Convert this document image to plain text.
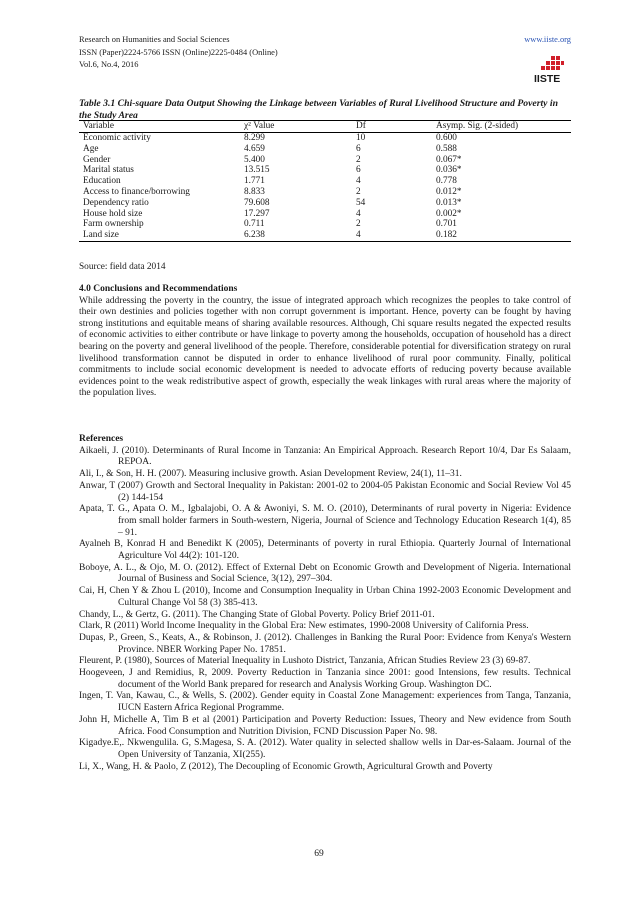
Research on Humanities and Social Sciences
ISSN (Paper)2224-5766 ISSN (Online)2225-0484 (Online)
Vol.6, No.4, 2016
www.iiste.org
IISTE
Table 3.1 Chi-square Data Output Showing the Linkage between Variables of Rural Livelihood Structure and Poverty in the Study Area
Variable	χ² Value	Df	Asymp. Sig. (2-sided)
Economic activity	8.299	10	0.600
Age	4.659	6	0.588
Gender	5.400	2	0.067*
Marital status	13.515	6	0.036*
Education	1.771	4	0.778
Access to finance/borrowing	8.833	2	0.012*
Dependency ratio	79.608	54	0.013*
House hold size	17.297	4	0.002*
Farm ownership	0.711	2	0.701
Land size	6.238	4	0.182
Source: field data 2014
4.0 Conclusions and Recommendations

While addressing the poverty in the country, the issue of integrated approach which recognizes the peoples to take control of their own destinies and policies together with non corrupt government is important. Hence, poverty can be fought by having strong institutions and equitable means of sharing available resources. Although, Chi square results negated the expected results of economic activities to either contribute or have linkage to poverty among the households, occupation of household has a direct bearing on the poverty and general livelihood of the people. Therefore, considerable potential for diversification strategy on rural livelihood transformation cannot be disputed in order to enhance livelihood of rural poor community. Finally, political commitments to include social economic development is needed to advocate efforts of reducing poverty because available evidences point to the weak redistributive aspect of growth, especially the weak linkages with rural areas where the majority of the population lives.

References

Aikaeli, J. (2010). Determinants of Rural Income in Tanzania: An Empirical Approach. Research Report 10/4, Dar Es Salaam, REPOA.

Ali, I., & Son, H. H. (2007). Measuring inclusive growth. Asian Development Review, 24(1), 11–31.

Anwar, T (2007) Growth and Sectoral Inequality in Pakistan: 2001-02 to 2004-05 Pakistan Economic and Social Review Vol 45 (2) 144-154

Apata, T. G., Apata O. M., Igbalajobi, O. A & Awoniyi, S. M. O. (2010), Determinants of rural poverty in Nigeria: Evidence from small holder farmers in South-western, Nigeria, Journal of Science and Technology Education Research 1(4), 85 – 91.

Ayalneh B, Konrad H and Benedikt K (2005), Determinants of poverty in rural Ethiopia. Quarterly Journal of International Agriculture Vol 44(2): 101-120.

Boboye, A. L., & Ojo, M. O. (2012). Effect of External Debt on Economic Growth and Development of Nigeria. International Journal of Business and Social Science, 3(12), 297–304.

Cai, H, Chen Y & Zhou L (2010), Income and Consumption Inequality in Urban China 1992-2003 Economic Development and Cultural Change Vol 58 (3) 385-413.

Chandy, L., & Gertz, G. (2011). The Changing State of Global Poverty. Policy Brief 2011-01.

Clark, R (2011) World Income Inequality in the Global Era: New estimates, 1990-2008 University of California Press.

Dupas, P., Green, S., Keats, A., & Robinson, J. (2012). Challenges in Banking the Rural Poor: Evidence from Kenya's Western Province. NBER Working Paper No. 17851.

Fleurent, P. (1980), Sources of Material Inequality in Lushoto District, Tanzania, African Studies Review 23 (3) 69-87.

Hoogeveen, J and Remidius, R, 2009. Poverty Reduction in Tanzania since 2001: good Intensions, few results. Technical document of the World Bank prepared for research and Analysis Working Group. Washington DC.

Ingen, T. Van, Kawau, C., & Wells, S. (2002). Gender equity in Coastal Zone Management: experiences from Tanga, Tanzania, IUCN Eastern Africa Regional Programme.

John H, Michelle A, Tim B et al (2001) Participation and Poverty Reduction: Issues, Theory and New evidence from South Africa. Food Consumption and Nutrition Division, FCND Discussion Paper No. 98.

Kigadye.E,. Nkwengulila. G, S.Magesa, S. A. (2012). Water quality in selected shallow wells in Dar-es-Salaam. Journal of the Open University of Tanzania, XI(255).

Li, X., Wang, H. & Paolo, Z (2012), The Decoupling of Economic Growth, Agricultural Growth and Poverty

69
